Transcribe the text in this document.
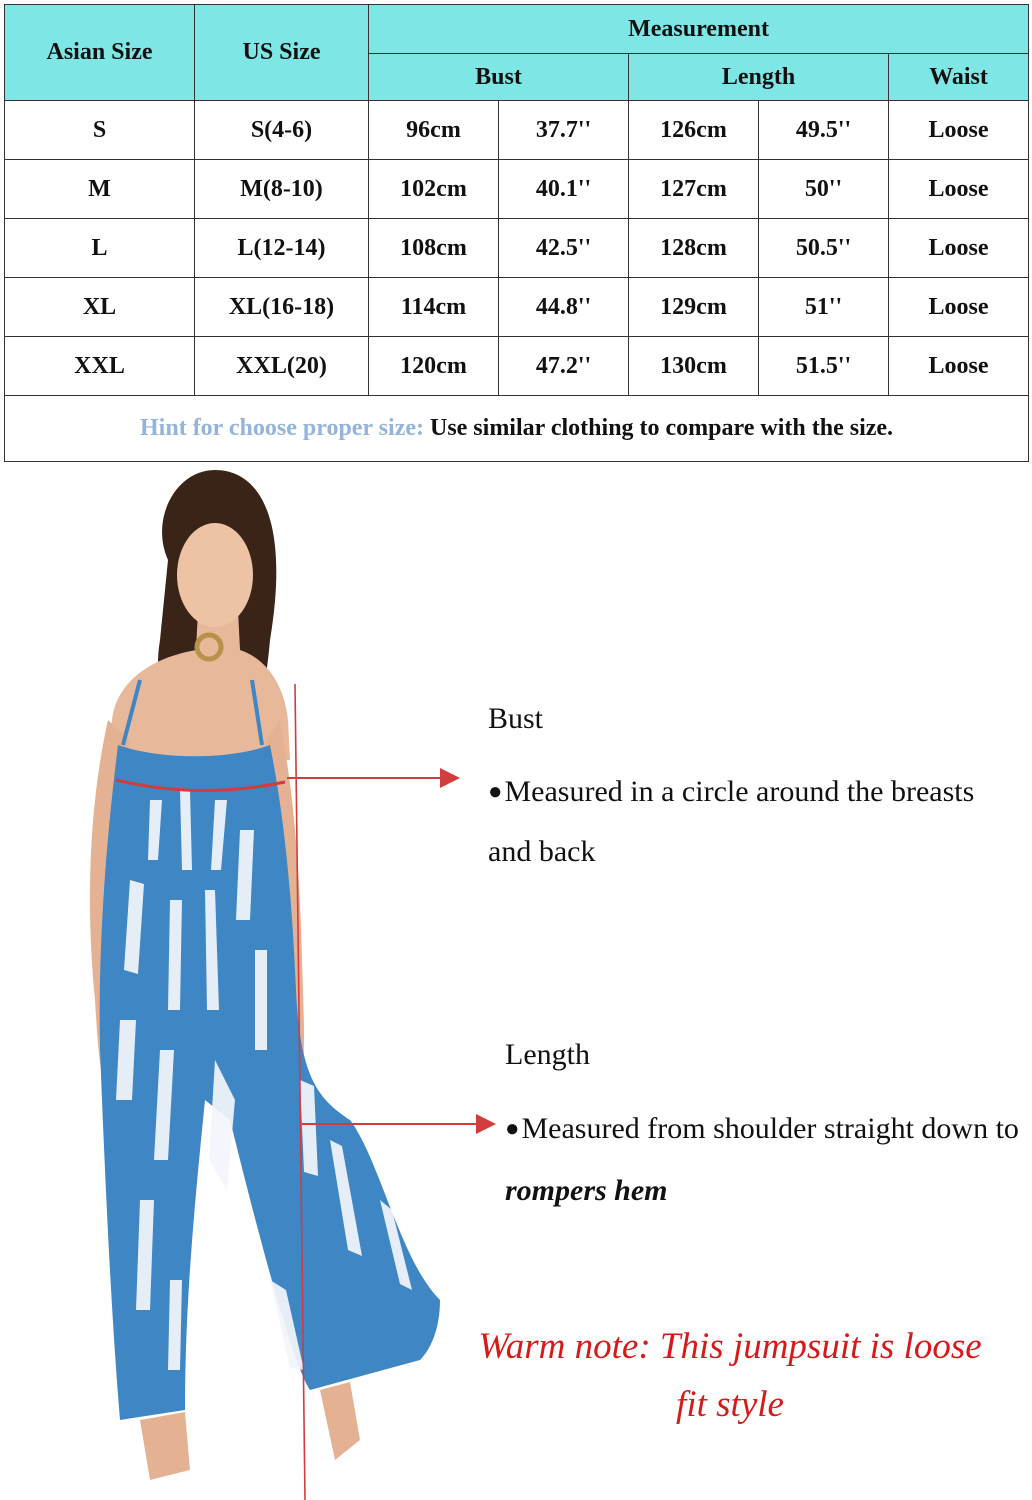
Asian Size	US Size	Measurement				
		Bust		Length		Waist
S	S(4-6)	96cm	37.7''	126cm	49.5''	Loose
M	M(8-10)	102cm	40.1''	127cm	50''	Loose
L	L(12-14)	108cm	42.5''	128cm	50.5''	Loose
XL	XL(16-18)	114cm	44.8''	129cm	51''	Loose
XXL	XXL(20)	120cm	47.2''	130cm	51.5''	Loose
Hint for choose proper size: Use similar clothing to compare with the size.						
Bust
●Measured in a circle around the breasts and back
Length
●Measured from shoulder straight down to rompers hem
Warm note: This jumpsuit is loose
fit style
